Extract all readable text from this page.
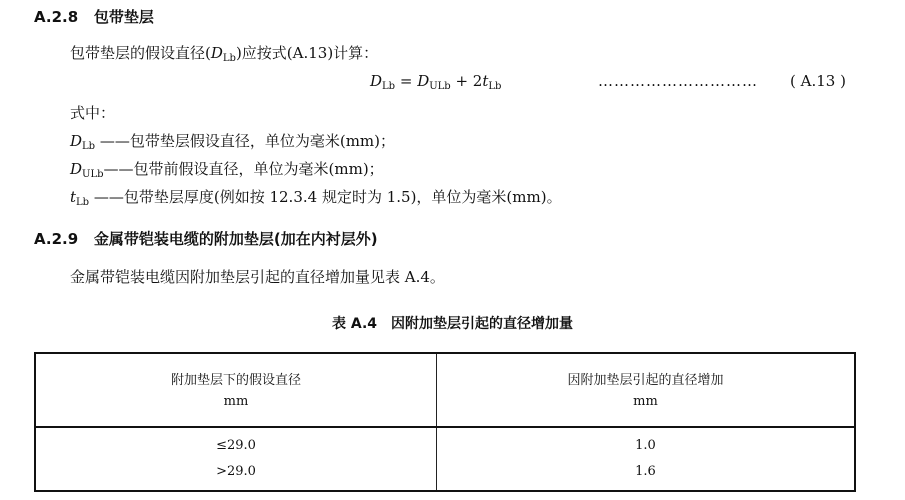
A.2.8 包带垫层
包带垫层的假设直径$(D_{Lb})$应按式(A.13)计算：
$D_{Lb} = D_{ULb} + 2t_{Lb}$	………………………… ( A.13 )
式中：
$D_{Lb}$ ——包带垫层假设直径，单位为毫米(mm)；
$D_{ULb}——$包带前假设直径，单位为毫米(mm)；
$t_{Lb}$ ——包带垫层厚度(例如按 12.3.4 规定时为 1.5)，单位为毫米(mm)。
A.2.9 金属带铠装电缆的附加垫层(加在内衬层外)
金属带铠装电缆因附加垫层引起的直径增加量见表 A.4。
表 A.4　因附加垫层引起的直径增加量
附加垫层下的假设直径	因附加垫层引起的直径增加
mm	mm
≤29.0	1.0
>29.0	1.6
